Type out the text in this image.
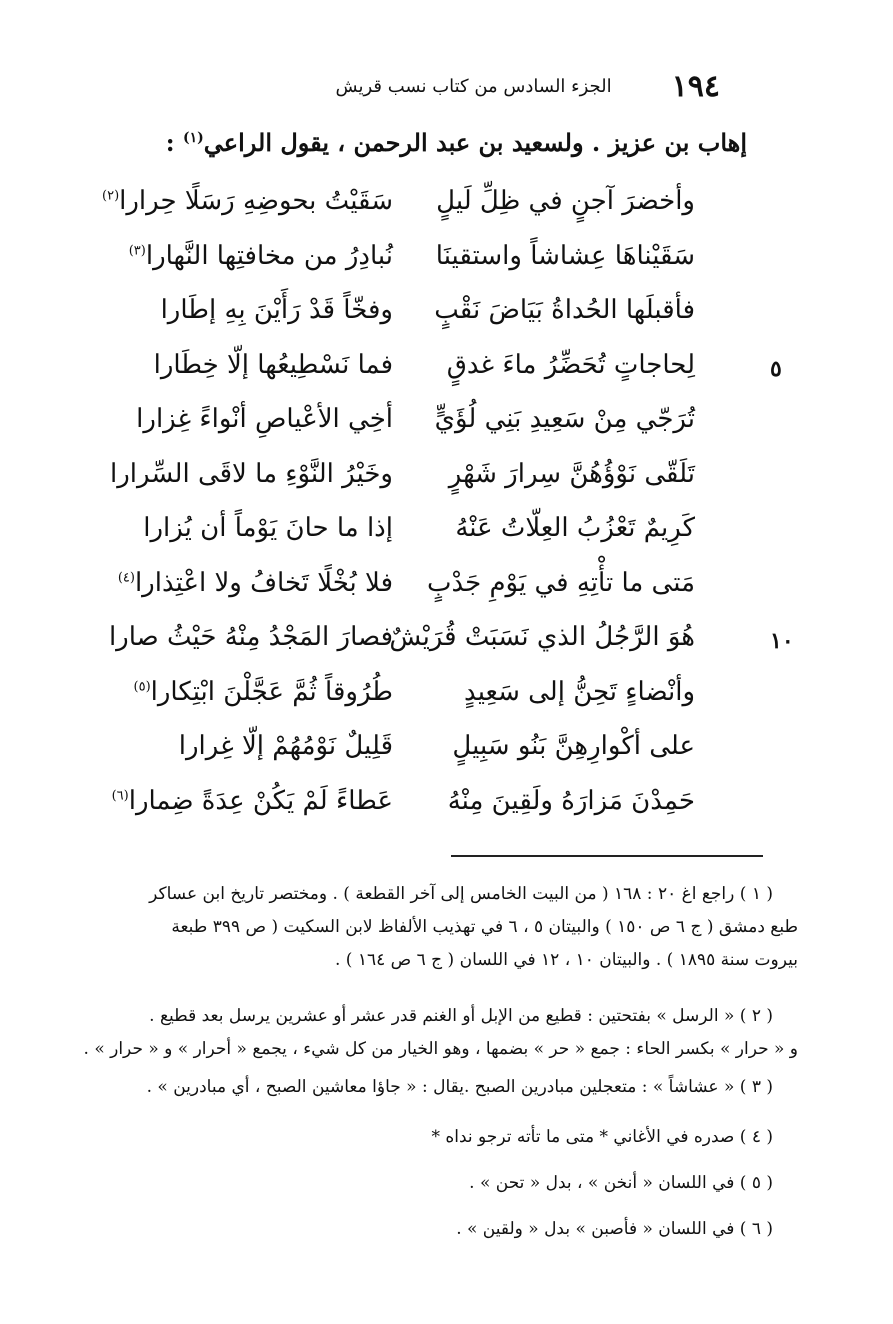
١٩٤
الجزء السادس من كتاب نسب قريش
إهاب بن عزيز . ولسعيد بن عبد الرحمن ، يقول الراعي$^{(١)}$ :
وأخضرَ آجنٍ في ظِلِّ لَيلٍ
سَقَيْتُ بحوضِهِ رَسَلًا حِرارا$^{(٢)}$
سَقَيْناهَا عِشاشاً واستقينَا
نُبادِرُ من مخافتِها النَّهارا$^{(٣)}$
فأقبلَها الحُداةُ بَيَاضَ نَقْبٍ
وفخّاً قَدْ رَأَيْنَ بِهِ إطَارا
لِحاجاتٍ تُحَضِّرُ ماءَ غدقٍ
فما نَسْطِيعُها إلّا خِطَارا	٥
تُرَجّي مِنْ سَعِيدِ بَنِي لُؤَيٍّ
أخِي الأعْياصِ أنْواءً غِزارا
تَلَقّى نَوْؤُهُنَّ سِرارَ شَهْرٍ
وخَيْرُ النَّوْءِ ما لاقَى السِّرارا
كَرِيمٌ تَعْزُبُ العِلّاتُ عَنْهُ
إذا ما حانَ يَوْماً أن يُزارا
مَتى ما تأْتِهِ في يَوْمِ جَدْبٍ
فلا بُخْلًا تَخافُ ولا اعْتِذارا$^{(٤)}$
هُوَ الرَّجُلُ الذي نَسَبَتْ قُرَيْشٌ
فصارَ المَجْدُ مِنْهُ حَيْثُ صارا	١٠
وأنْضاءٍ تَحِنُّ إلى سَعِيدٍ
طُرُوقاً ثُمَّ عَجَّلْنَ ابْتِكارا$^{(٥)}$
على أكْوارِهِنَّ بَنُو سَبِيلٍ
قَلِيلٌ نَوْمُهُمْ إلّا غِرارا
حَمِدْنَ مَزارَهُ ولَقِينَ مِنْهُ
عَطاءً لَمْ يَكُنْ عِدَةً ضِمارا$^{(٦)}$
( ١ ) راجع اغ ٢٠ : ١٦٨ ( من البيت الخامس إلى آخر القطعة ) . ومختصر تاريخ ابن عساكر
طبع دمشق ( ج ٦ ص ١٥٠ ) والبيتان ٥ ، ٦ في تهذيب الألفاظ لابن السكيت ( ص ٣٩٩ طبعة
بيروت سنة ١٨٩٥ ) . والبيتان ١٠ ، ١٢ في اللسان ( ج ٦ ص ١٦٤ ) .
( ٢ ) « الرسل » بفتحتين : قطيع من الإبل أو الغنم قدر عشر أو عشرين يرسل بعد قطيع .
و « حرار » بكسر الحاء : جمع « حر » بضمها ، وهو الخيار من كل شيء ، يجمع « أحرار » و « حرار » .
( ٣ ) « عشاشاً » : متعجلين مبادرين الصبح .يقال : « جاؤا معاشين الصبح ، أي مبادرين » .
( ٤ ) صدره في الأغاني * متى ما تأته ترجو نداه *
( ٥ ) في اللسان « أنخن » ، بدل « تحن » .
( ٦ ) في اللسان « فأصبن » بدل « ولقين » .
